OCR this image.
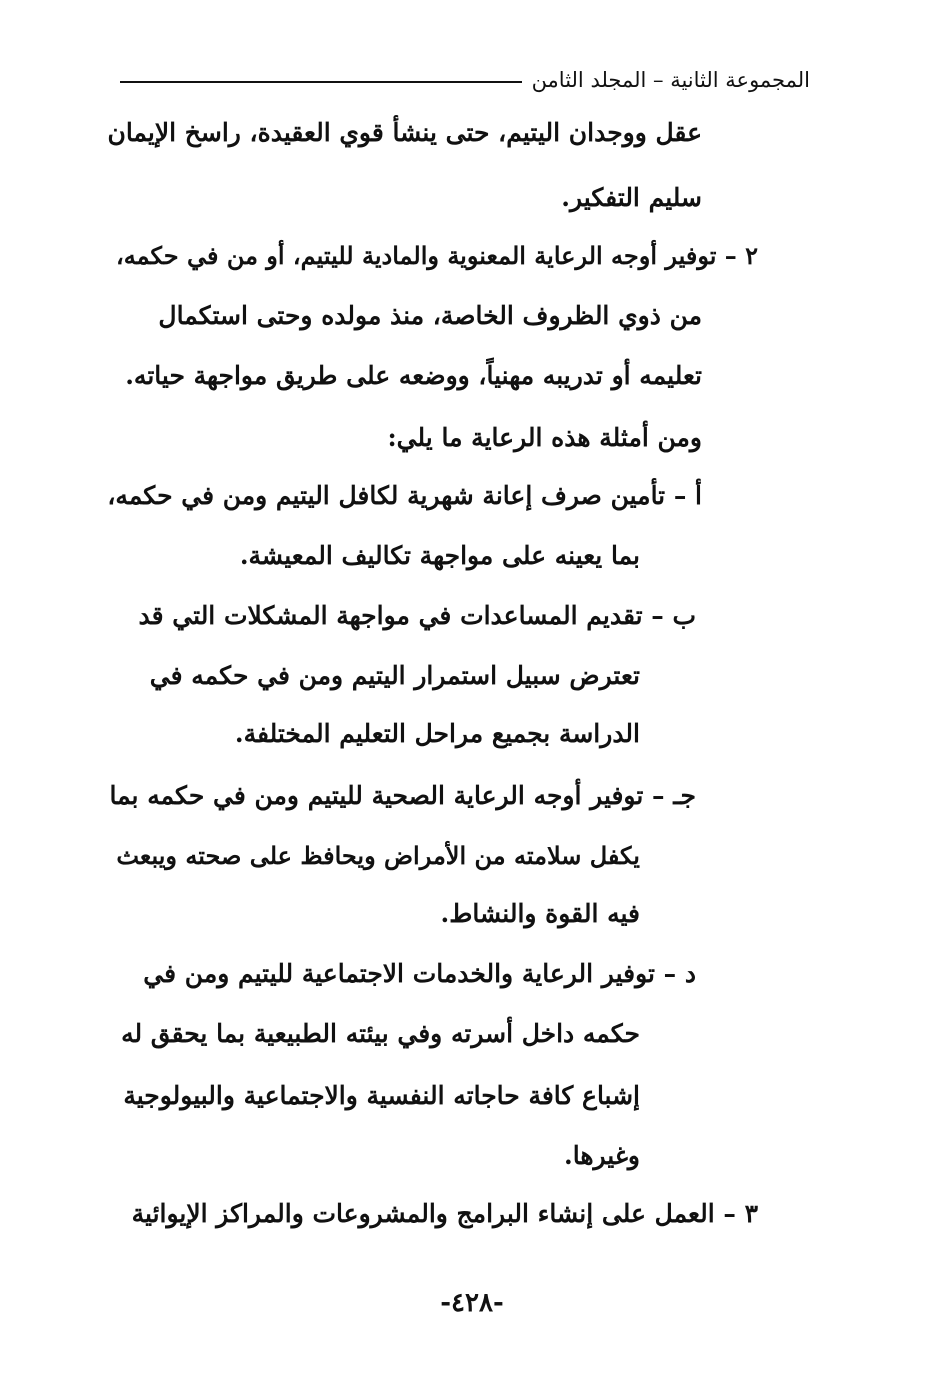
المجموعة الثانية – المجلد الثامن
عقل ووجدان اليتيم، حتى ينشأ قوي العقيدة، راسخ الإيمان
سليم التفكير.
٢ – توفير أوجه الرعاية المعنوية والمادية لليتيم، أو من في حكمه،
من ذوي الظروف الخاصة، منذ مولده وحتى استكمال
تعليمه أو تدريبه مهنياً، ووضعه على طريق مواجهة حياته.
ومن أمثلة هذه الرعاية ما يلي:
أ – تأمين صرف إعانة شهرية لكافل اليتيم ومن في حكمه،
بما يعينه على مواجهة تكاليف المعيشة.
ب – تقديم المساعدات في مواجهة المشكلات التي قد
تعترض سبيل استمرار اليتيم ومن في حكمه في
الدراسة بجميع مراحل التعليم المختلفة.
جـ – توفير أوجه الرعاية الصحية لليتيم ومن في حكمه بما
يكفل سلامته من الأمراض ويحافظ على صحته ويبعث
فيه القوة والنشاط.
د – توفير الرعاية والخدمات الاجتماعية لليتيم ومن في
حكمه داخل أسرته وفي بيئته الطبيعية بما يحقق له
إشباع كافة حاجاته النفسية والاجتماعية والبيولوجية
وغيرها.
٣ – العمل على إنشاء البرامج والمشروعات والمراكز الإيوائية
-٤٢٨-
